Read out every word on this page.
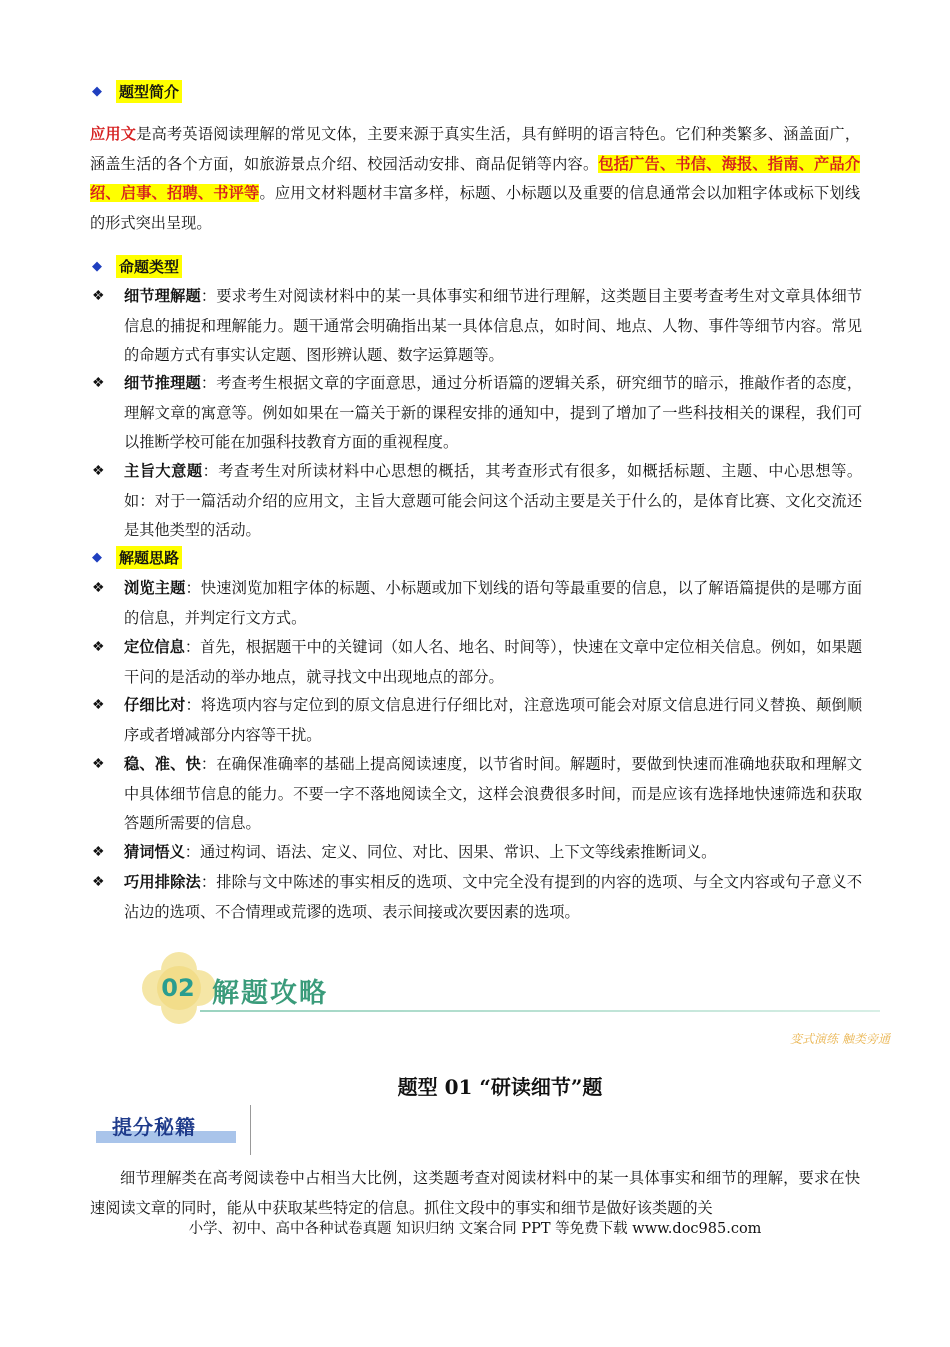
◆ 题型简介
应用文是高考英语阅读理解的常见文体，主要来源于真实生活，具有鲜明的语言特色。它们种类繁多、涵盖面广，涵盖生活的各个方面，如旅游景点介绍、校园活动安排、商品促销等内容。包括广告、书信、海报、指南、产品介绍、启事、招聘、书评等。应用文材料题材丰富多样，标题、小标题以及重要的信息通常会以加粗字体或标下划线的形式突出呈现。
◆ 命题类型
❖ 细节理解题：要求考生对阅读材料中的某一具体事实和细节进行理解，这类题目主要考查考生对文章具体细节信息的捕捉和理解能力。题干通常会明确指出某一具体信息点，如时间、地点、人物、事件等细节内容。常见的命题方式有事实认定题、图形辨认题、数字运算题等。
❖ 细节推理题：考查考生根据文章的字面意思，通过分析语篇的逻辑关系，研究细节的暗示，推敲作者的态度，理解文章的寓意等。例如如果在一篇关于新的课程安排的通知中，提到了增加了一些科技相关的课程，我们可以推断学校可能在加强科技教育方面的重视程度。
❖ 主旨大意题：考查考生对所读材料中心思想的概括，其考查形式有很多，如概括标题、主题、中心思想等。如：对于一篇活动介绍的应用文，主旨大意题可能会问这个活动主要是关于什么的，是体育比赛、文化交流还是其他类型的活动。
◆ 解题思路
❖ 浏览主题：快速浏览加粗字体的标题、小标题或加下划线的语句等最重要的信息，以了解语篇提供的是哪方面的信息，并判定行文方式。
❖ 定位信息：首先，根据题干中的关键词（如人名、地名、时间等），快速在文章中定位相关信息。例如，如果题干问的是活动的举办地点，就寻找文中出现地点的部分。
❖ 仔细比对：将选项内容与定位到的原文信息进行仔细比对，注意选项可能会对原文信息进行同义替换、颠倒顺序或者增减部分内容等干扰。
❖ 稳、准、快：在确保准确率的基础上提高阅读速度，以节省时间。解题时，要做到快速而准确地获取和理解文中具体细节信息的能力。不要一字不落地阅读全文，这样会浪费很多时间，而是应该有选择地快速筛选和获取答题所需要的信息。
❖ 猜词悟义：通过构词、语法、定义、同位、对比、因果、常识、上下文等线索推断词义。
❖ 巧用排除法：排除与文中陈述的事实相反的选项、文中完全没有提到的内容的选项、与全文内容或句子意义不沾边的选项、不合情理或荒谬的选项、表示间接或次要因素的选项。
02 解题攻略
变式演练 触类旁通
题型 01 “研读细节”题
提分秘籍
细节理解类在高考阅读卷中占相当大比例，这类题考查对阅读材料中的某一具体事实和细节的理解，要求在快速阅读文章的同时，能从中获取某些特定的信息。抓住文段中的事实和细节是做好该类题的关
小学、初中、高中各种试卷真题 知识归纳 文案合同 PPT 等免费下载 www.doc985.com
